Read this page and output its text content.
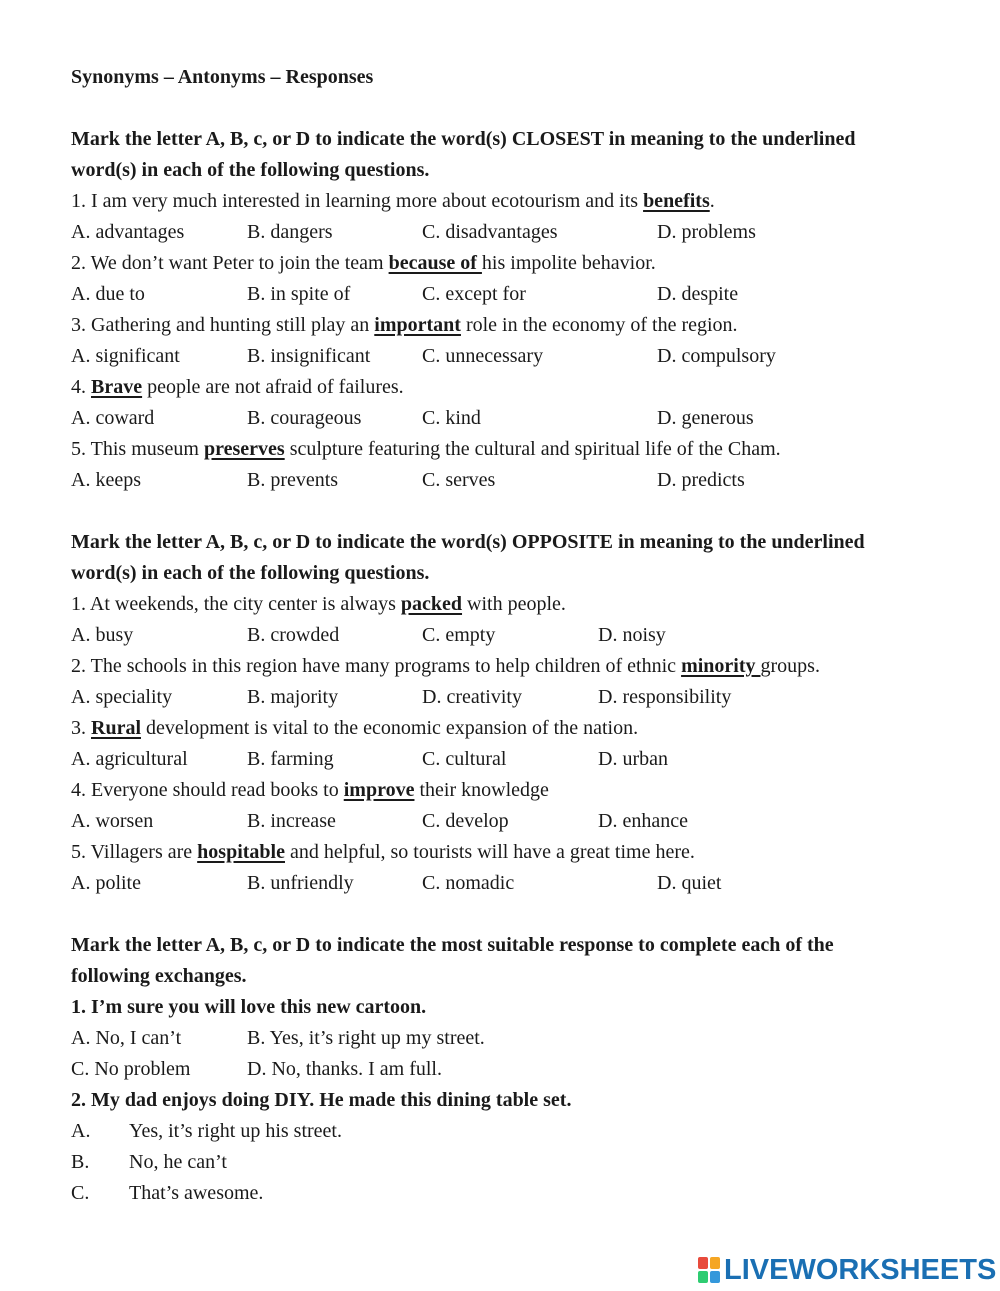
Synonyms – Antonyms – Responses
Mark the letter A, B, c, or D to indicate the word(s) CLOSEST in meaning to the underlined
word(s) in each of the following questions.
1. I am very much interested in learning more about ecotourism and its benefits.
A. advantages	B. dangers	C. disadvantages	D. problems
2. We don’t want Peter to join the team because of his impolite behavior.
A. due to	B. in spite of	C. except for	D. despite
3. Gathering and hunting still play an important role in the economy of the region.
A. significant	B. insignificant	C. unnecessary	D. compulsory
4. Brave people are not afraid of failures.
A. coward	B. courageous	C. kind	D. generous
5. This museum preserves sculpture featuring the cultural and spiritual life of the Cham.
A. keeps	B. prevents	C. serves	D. predicts
Mark the letter A, B, c, or D to indicate the word(s) OPPOSITE in meaning to the underlined
word(s) in each of the following questions.
1. At weekends, the city center is always packed with people.
A. busy	B. crowded	C. empty	D. noisy
2. The schools in this region have many programs to help children of ethnic minority groups.
A. speciality	B. majority	D. creativity	D. responsibility
3. Rural development is vital to the economic expansion of the nation.
A. agricultural	B. farming	C. cultural	D. urban
4. Everyone should read books to improve their knowledge
A. worsen	B. increase	C. develop	D. enhance
5. Villagers are hospitable and helpful, so tourists will have a great time here.
A. polite	B. unfriendly	C. nomadic	D. quiet
Mark the letter A, B, c, or D to indicate the most suitable response to complete each of the
following exchanges.
1. I’m sure you will love this new cartoon.
A. No, I can’t	B. Yes, it’s right up my street.
C. No problem	D. No, thanks. I am full.
2. My dad enjoys doing DIY. He made this dining table set.
A. Yes, it’s right up his street.
B. No, he can’t
C. That’s awesome.
LIVEWORKSHEETS
